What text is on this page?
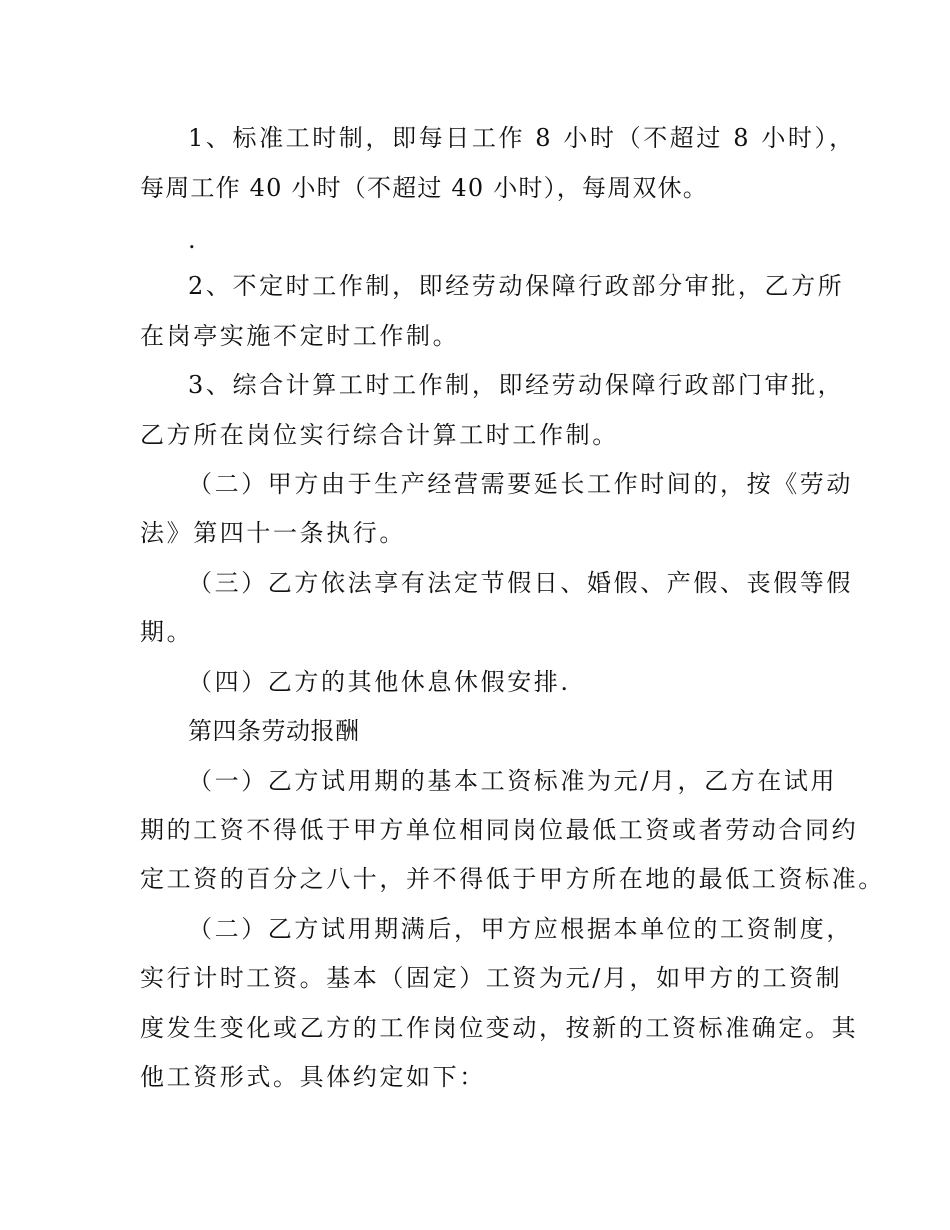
1、标准工时制，即每日工作 8 小时（不超过 8 小时），

每周工作 40 小时（不超过 40 小时），每周双休。

.

2、不定时工作制，即经劳动保障行政部分审批，乙方所

在岗亭实施不定时工作制。

3、综合计算工时工作制，即经劳动保障行政部门审批，

乙方所在岗位实行综合计算工时工作制。

（二）甲方由于生产经营需要延长工作时间的，按《劳动

法》第四十一条执行。

（三）乙方依法享有法定节假日、婚假、产假、丧假等假

期。

（四）乙方的其他休息休假安排.

第四条劳动报酬

（一）乙方试用期的基本工资标准为元/月，乙方在试用

期的工资不得低于甲方单位相同岗位最低工资或者劳动合同约

定工资的百分之八十，并不得低于甲方所在地的最低工资标准。

（二）乙方试用期满后，甲方应根据本单位的工资制度，

实行计时工资。基本（固定）工资为元/月，如甲方的工资制

度发生变化或乙方的工作岗位变动，按新的工资标准确定。其

他工资形式。具体约定如下：
